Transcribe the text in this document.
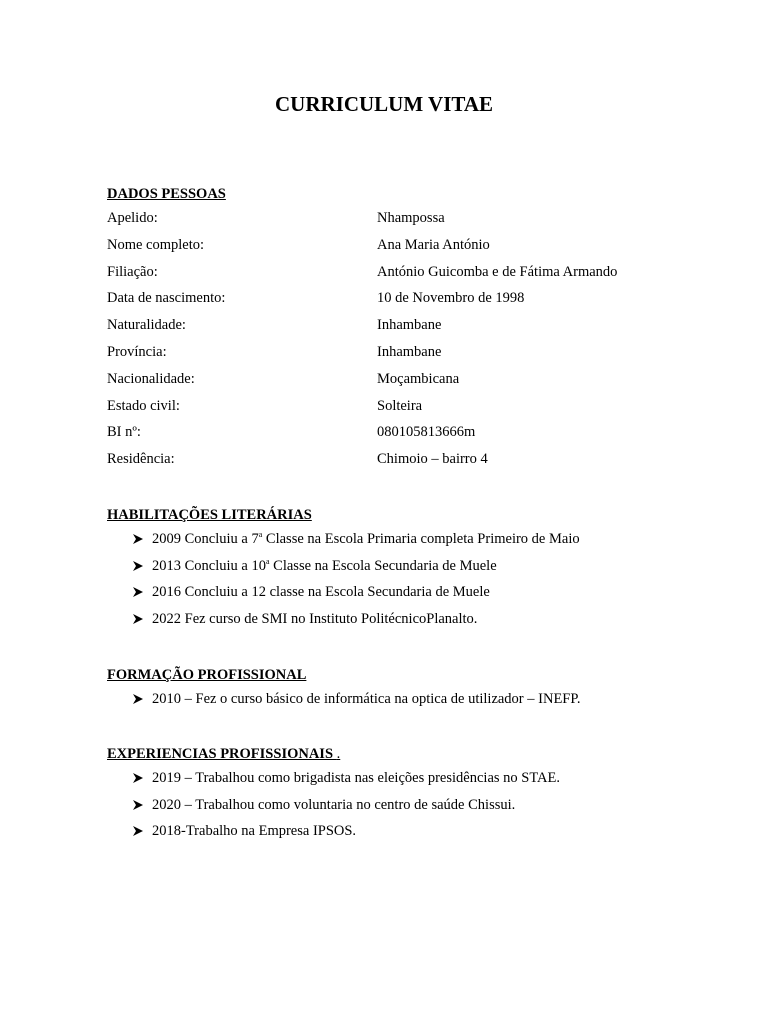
CURRICULUM VITAE

DADOS PESSOAS

Apelido:	Nhampossa
Nome completo:	Ana Maria António
Filiação:	António Guicomba e de Fátima Armando
Data de nascimento:	10 de Novembro de 1998
Naturalidade:	Inhambane
Província:	Inhambane
Nacionalidade:	Moçambicana
Estado civil:	Solteira
BI nº:	080105813666m
Residência:	Chimoio – bairro 4

HABILITAÇÕES LITERÁRIAS

2009 Concluiu a 7$^a$ Classe na Escola Primaria completa Primeiro de Maio
2013 Concluiu a 10$^a$ Classe na Escola Secundaria de Muele
2016 Concluiu a 12 classe na Escola Secundaria de Muele
2022 Fez curso de SMI no Instituto PolitécnicoPlanalto.

FORMAÇÃO PROFISSIONAL

2010 – Fez o curso básico de informática na optica de utilizador – INEFP.

EXPERIENCIAS PROFISSIONAIS .

2019 – Trabalhou como brigadista nas eleições presidências no STAE.
2020 – Trabalhou como voluntaria no centro de saúde Chissui.
2018-Trabalho na Empresa IPSOS.
